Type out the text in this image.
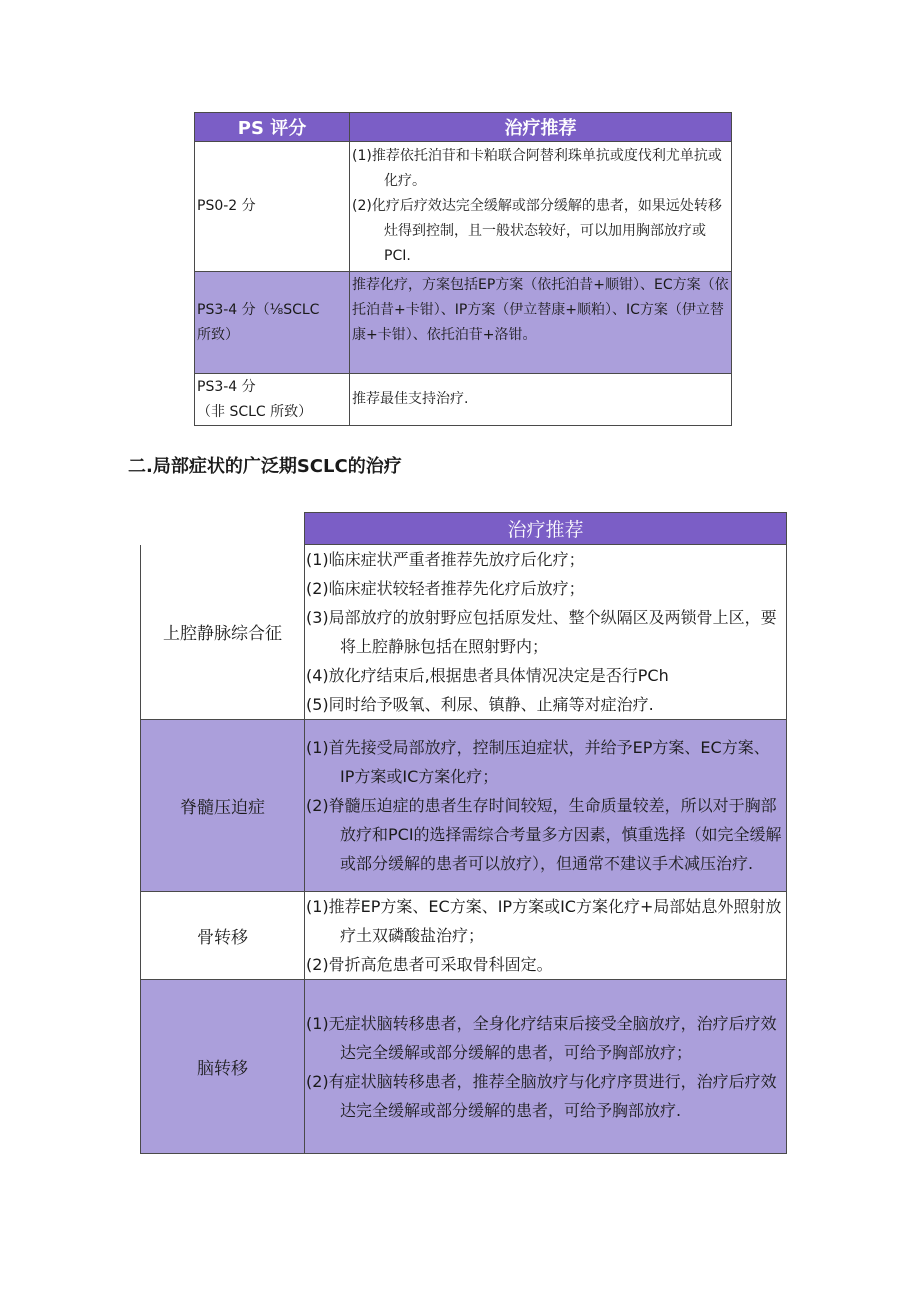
PS 评分	治疗推荐
PS0-2 分	(1)推荐依托泊苷和卡粕联合阿替利珠单抗或度伐利尤单抗或化疗。
(2)化疗后疗效达完全缓解或部分缓解的患者，如果远处转移灶得到控制，且一般状态较好，可以加用胸部放疗或PCI.

PS3-4 分（⅛SCLC
所致）	推荐化疗，方案包括EP方案（依托泊昔+顺钳）、EC方案（依托泊昔+卡钳）、IP方案（伊立替康+顺粕）、IC方案（伊立替康+卡钳）、依托泊苷+洛钳。

PS3-4 分
（非 SCLC 所致）	推荐最佳支持治疗.
二.局部症状的广泛期SCLC的治疗
	治疗推荐
上腔静脉综合征	(1)临床症状严重者推荐先放疗后化疗；
(2)临床症状较轻者推荐先化疗后放疗；
(3)局部放疗的放射野应包括原发灶、整个纵隔区及两锁骨上区，要将上腔静脉包括在照射野内；
(4)放化疗结束后,根据患者具体情况决定是否行PCh
(5)同时给予吸氧、利尿、镇静、止痛等对症治疗.

脊髓压迫症	(1)首先接受局部放疗，控制压迫症状，并给予EP方案、EC方案、IP方案或IC方案化疗；
(2)脊髓压迫症的患者生存时间较短，生命质量较差，所以对于胸部放疗和PCI的选择需综合考量多方因素，慎重选择（如完全缓解或部分缓解的患者可以放疗），但通常不建议手术减压治疗.

骨转移	(1)推荐EP方案、EC方案、IP方案或IC方案化疗+局部姑息外照射放疗土双磷酸盐治疗；
(2)骨折高危患者可采取骨科固定。

脑转移	(1)无症状脑转移患者，全身化疗结束后接受全脑放疗，治疗后疗效达完全缓解或部分缓解的患者，可给予胸部放疗；
(2)有症状脑转移患者，推荐全脑放疗与化疗序贯进行，治疗后疗效达完全缓解或部分缓解的患者，可给予胸部放疗.
